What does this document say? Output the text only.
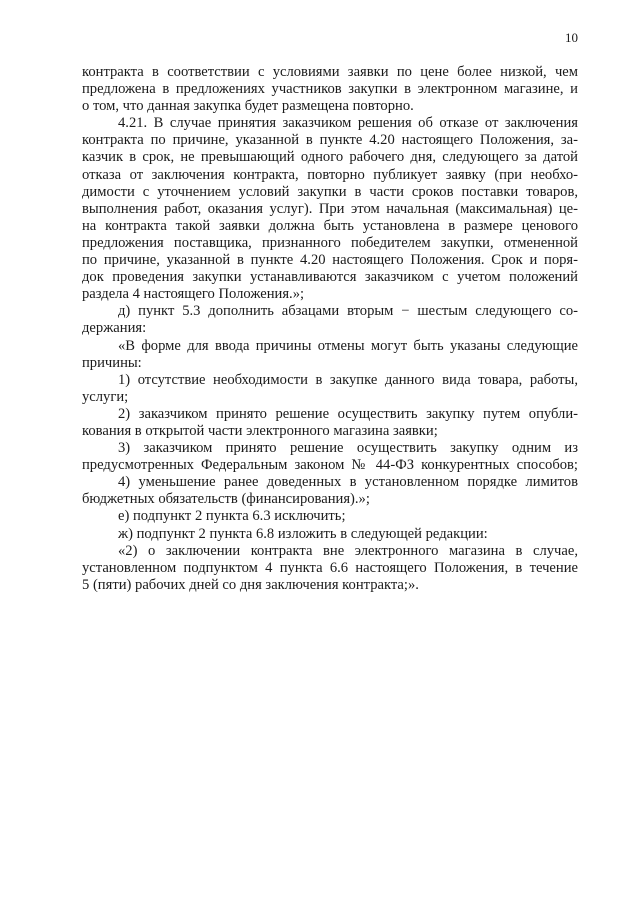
10
контракта в соответствии с условиями заявки по цене более низкой, чем
предложена в предложениях участников закупки в электронном магазине, и
о том, что данная закупка будет размещена повторно.
4.21. В случае принятия заказчиком решения об отказе от заключения
контракта по причине, указанной в пункте 4.20 настоящего Положения, за-
казчик в срок, не превышающий одного рабочего дня, следующего за датой
отказа от заключения контракта, повторно публикует заявку (при необхо-
димости с уточнением условий закупки в части сроков поставки товаров,
выполнения работ, оказания услуг). При этом начальная (максимальная) це-
на контракта такой заявки должна быть установлена в размере ценового
предложения поставщика, признанного победителем закупки, отмененной
по причине, указанной в пункте 4.20 настоящего Положения. Срок и поря-
док проведения закупки устанавливаются заказчиком с учетом положений
раздела 4 настоящего Положения.»;
д) пункт 5.3 дополнить абзацами вторым − шестым следующего со-
держания:
«В форме для ввода причины отмены могут быть указаны следующие
причины:
1) отсутствие необходимости в закупке данного вида товара, работы,
услуги;
2) заказчиком принято решение осуществить закупку путем опубли-
кования в открытой части электронного магазина заявки;
3) заказчиком принято решение осуществить закупку одним из
предусмотренных Федеральным законом № 44-ФЗ конкурентных способов;
4) уменьшение ранее доведенных в установленном порядке лимитов
бюджетных обязательств (финансирования).»;
е) подпункт 2 пункта 6.3 исключить;
ж) подпункт 2 пункта 6.8 изложить в следующей редакции:
«2) о заключении контракта вне электронного магазина в случае,
установленном подпунктом 4 пункта 6.6 настоящего Положения, в течение
5 (пяти) рабочих дней со дня заключения контракта;».
